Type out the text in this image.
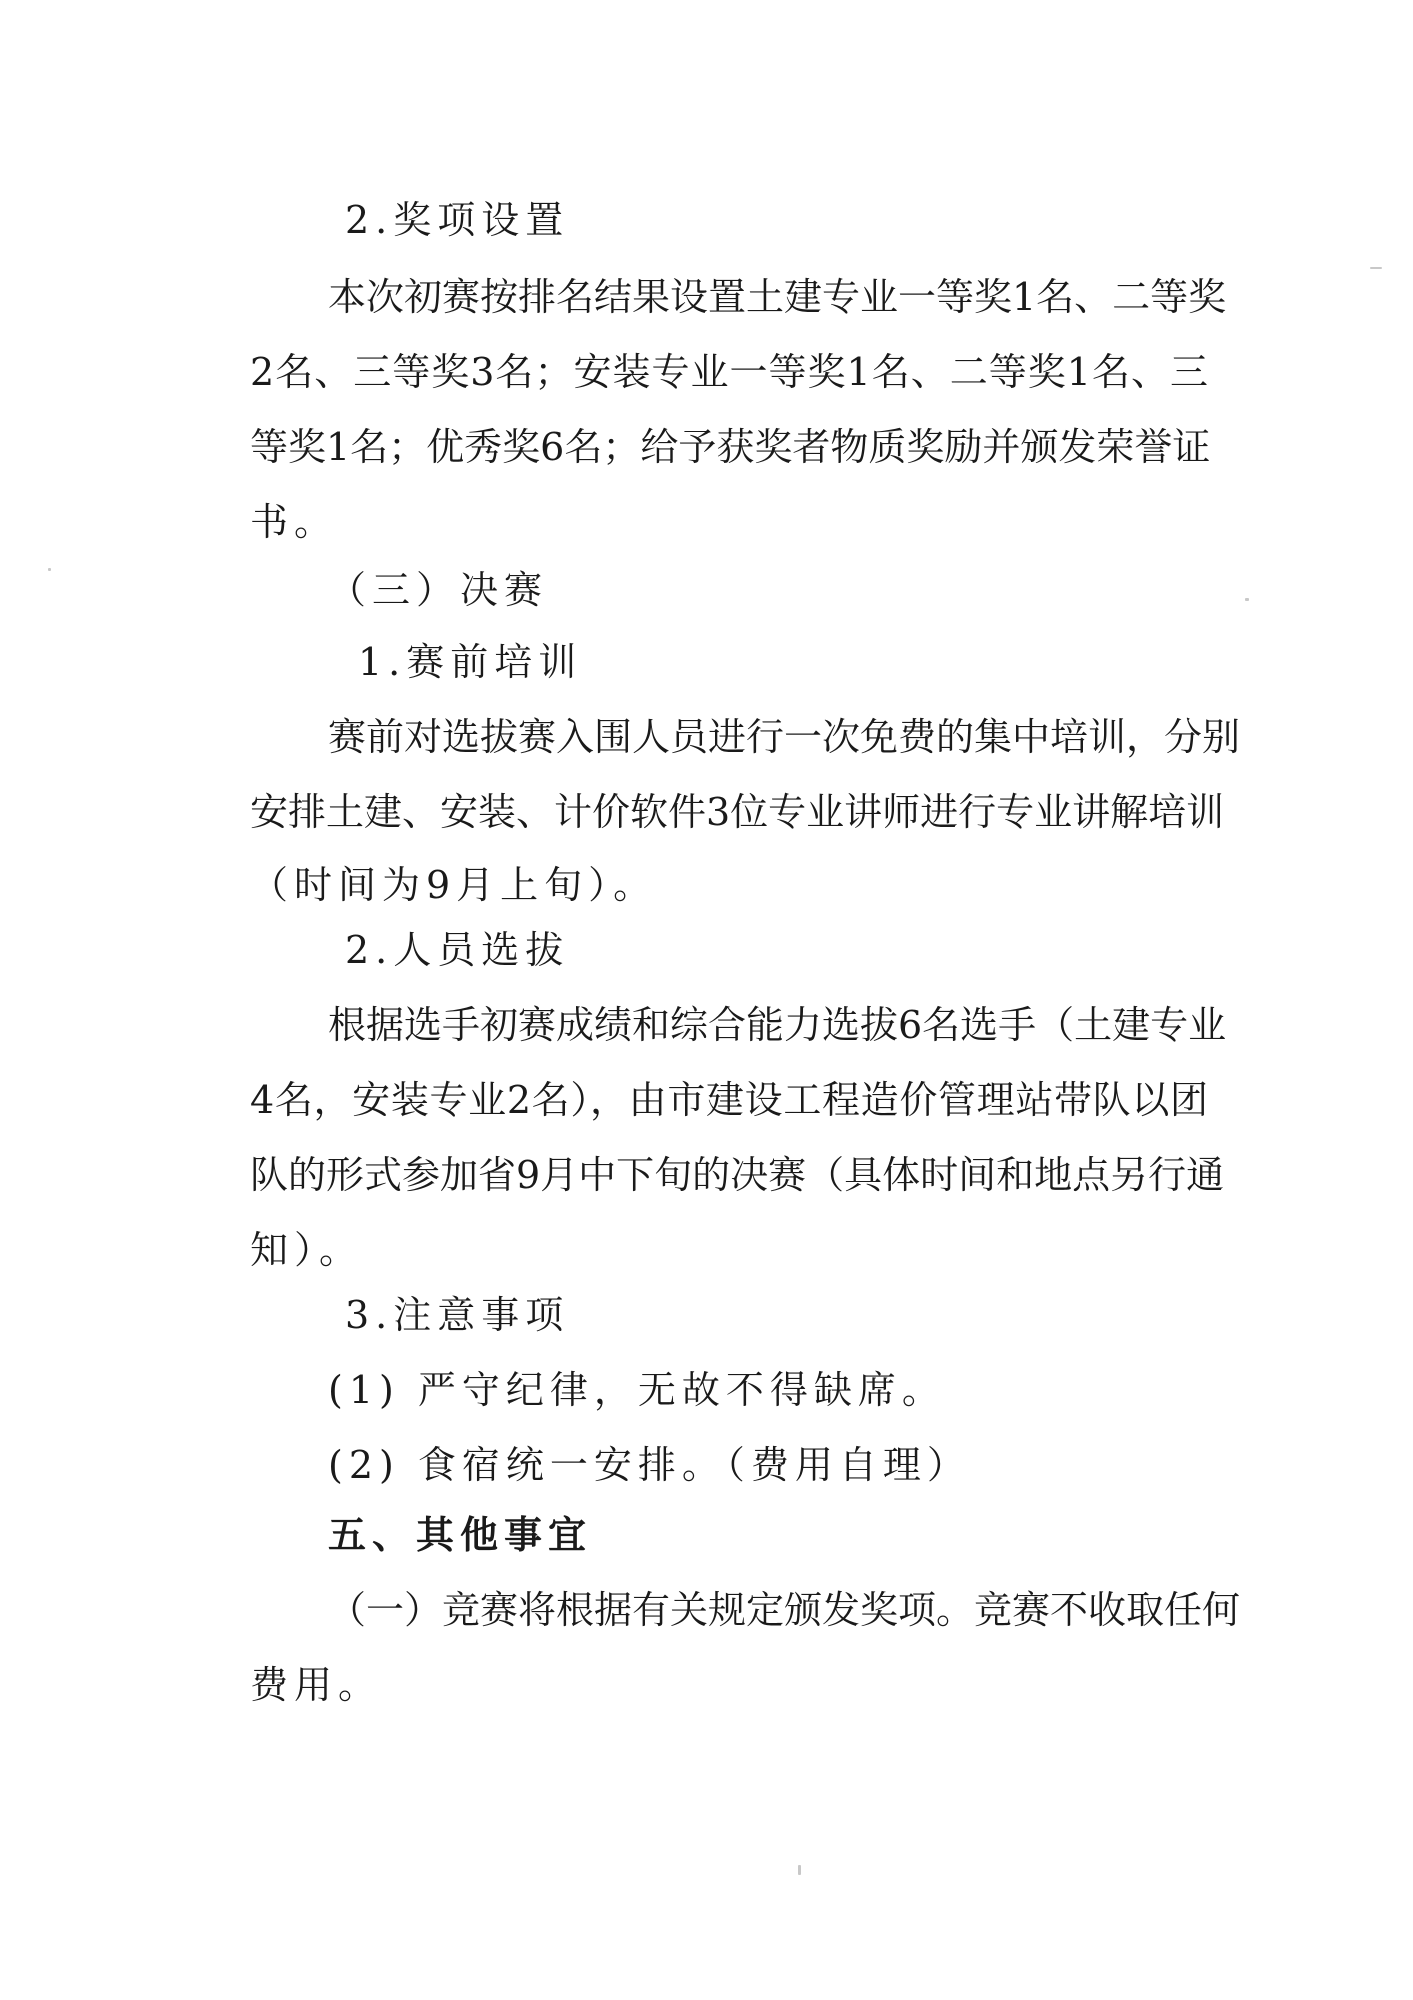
2.奖项设置
本次初赛按排名结果设置土建专业一等奖1名、二等奖
2名、三等奖3名；安装专业一等奖1名、二等奖1名、三
等奖1名；优秀奖6名；给予获奖者物质奖励并颁发荣誉证
书。
（三）决赛
1.赛前培训
赛前对选拔赛入围人员进行一次免费的集中培训，分别
安排土建、安装、计价软件3位专业讲师进行专业讲解培训
（时间为9月上旬）。
2.人员选拔
根据选手初赛成绩和综合能力选拔6名选手（土建专业
4名，安装专业2名），由市建设工程造价管理站带队以团
队的形式参加省9月中下旬的决赛（具体时间和地点另行通
知）。
3.注意事项
(1) 严守纪律，无故不得缺席。
(2) 食宿统一安排。（费用自理）
五、其他事宜
（一）竞赛将根据有关规定颁发奖项。竞赛不收取任何
费用。
